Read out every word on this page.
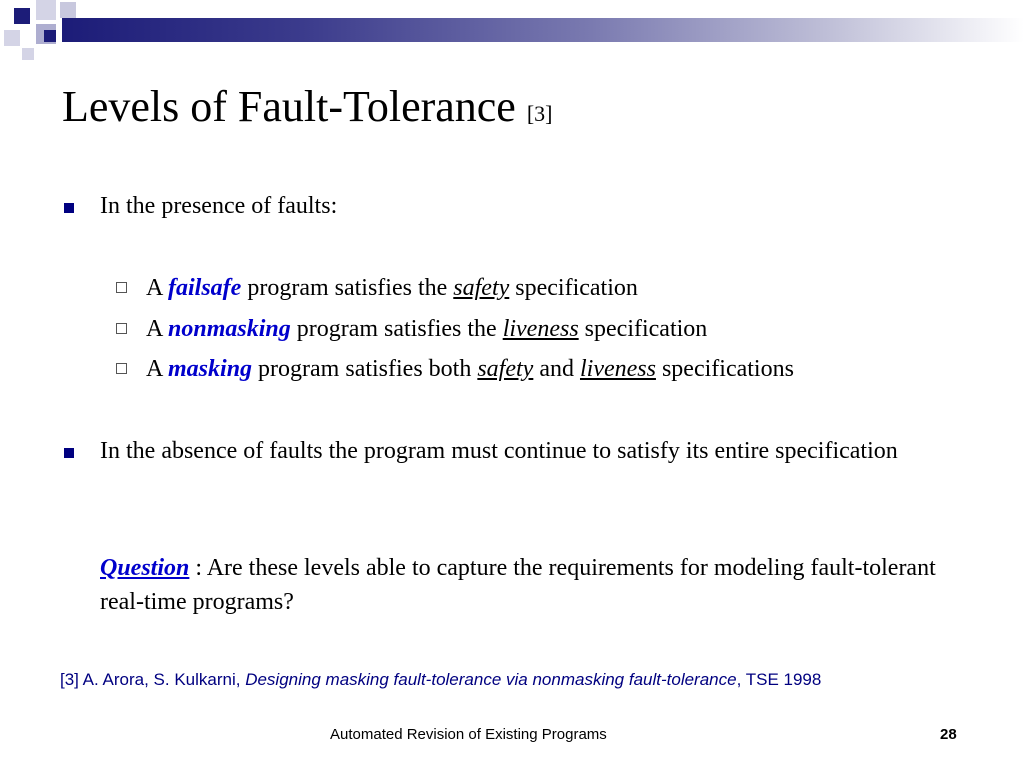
Levels of Fault-Tolerance [3]
In the presence of faults:
A failsafe program satisfies the safety specification
A nonmasking program satisfies the liveness specification
A masking program satisfies both safety and liveness specifications
In the absence of faults the program must continue to satisfy its entire specification
Question : Are these levels able to capture the requirements for modeling fault-tolerant real-time programs?
[3] A. Arora, S. Kulkarni, Designing masking fault-tolerance via nonmasking fault-tolerance, TSE 1998
Automated Revision of Existing Programs	28
